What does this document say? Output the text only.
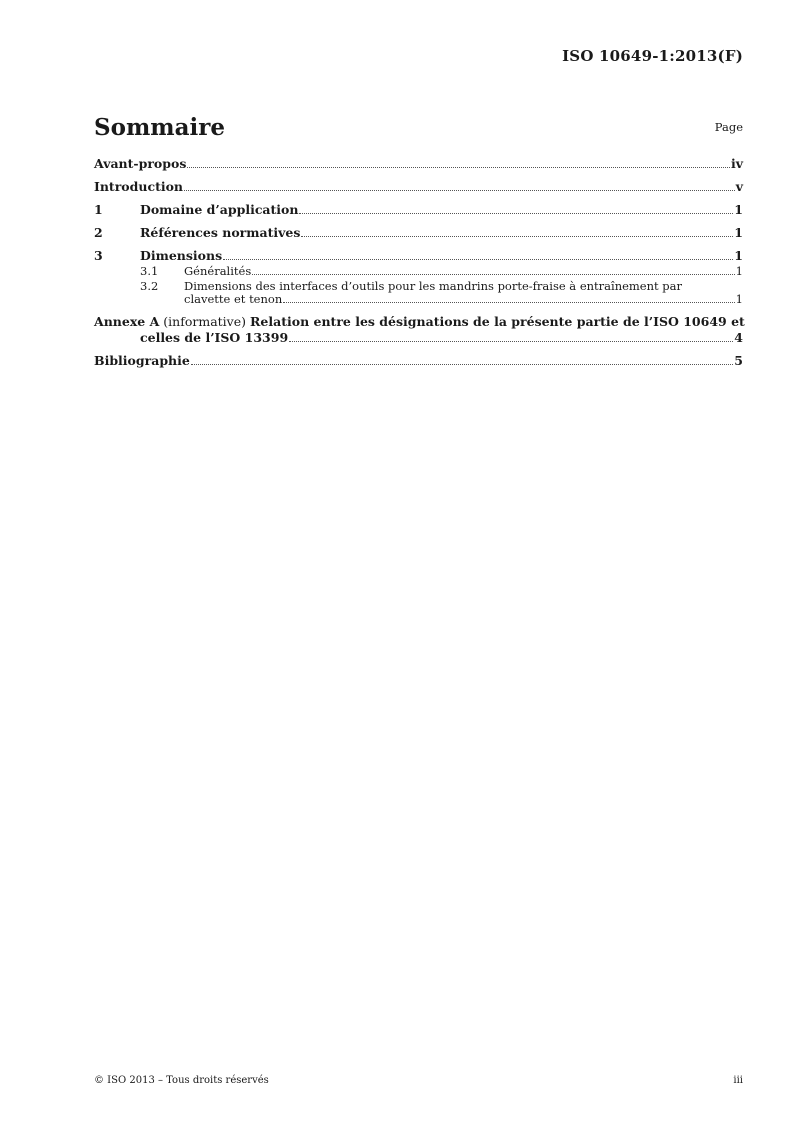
ISO 10649-1:2013(F)
Sommaire	Page
Avant-propos	iv
Introduction	v
1	Domaine d’application	1
2	Références normatives	1
3	Dimensions	1
3.1	Généralités	1
3.2	Dimensions des interfaces d’outils pour les mandrins porte-fraise à entraînement par
clavette et tenon	1
Annexe A (informative) Relation entre les désignations de la présente partie de l’ISO 10649 et
celles de l’ISO 13399	4
Bibliographie	5
© ISO 2013 – Tous droits réservés	iii
